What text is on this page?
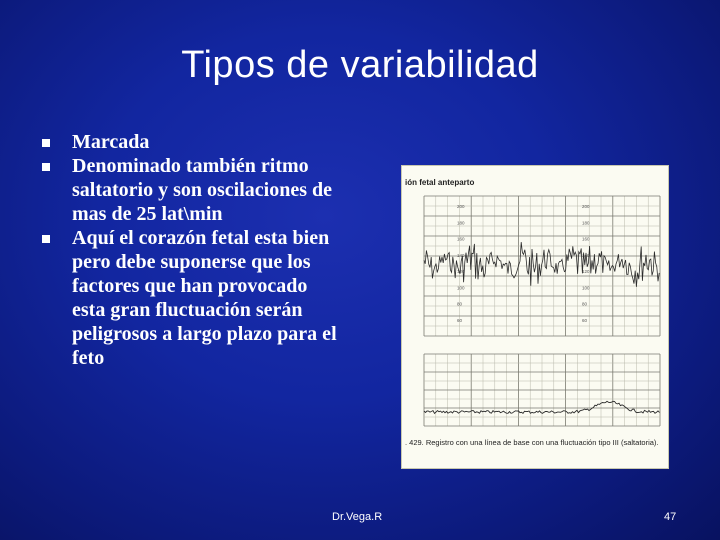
Tipos de variabilidad
Marcada
Denominado también ritmo saltatorio y son oscilaciones de mas de 25 lat\min
Aquí el corazón fetal esta bien pero debe suponerse que los factores que han provocado esta gran fluctuación serán peligrosos a largo plazo para el feto
ión fetal anteparto
200	200
180	180
160	160
140	140
120	120
100	100
80	80
60	60
. 429. Registro con una línea de base con una fluctuación tipo III (saltatoria).
Dr.Vega.R	47
